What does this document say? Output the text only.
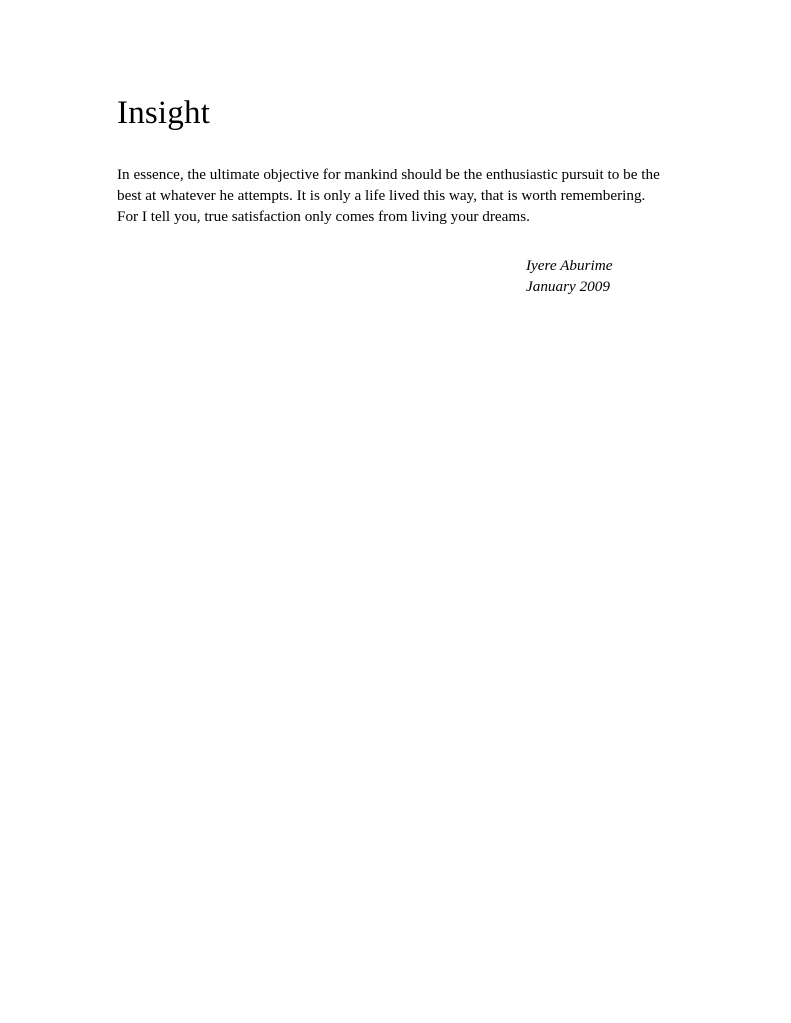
Insight

In essence, the ultimate objective for mankind should be the enthusiastic pursuit to be the
best at whatever he attempts. It is only a life lived this way, that is worth remembering.
For I tell you, true satisfaction only comes from living your dreams.

Iyere Aburime
January 2009
